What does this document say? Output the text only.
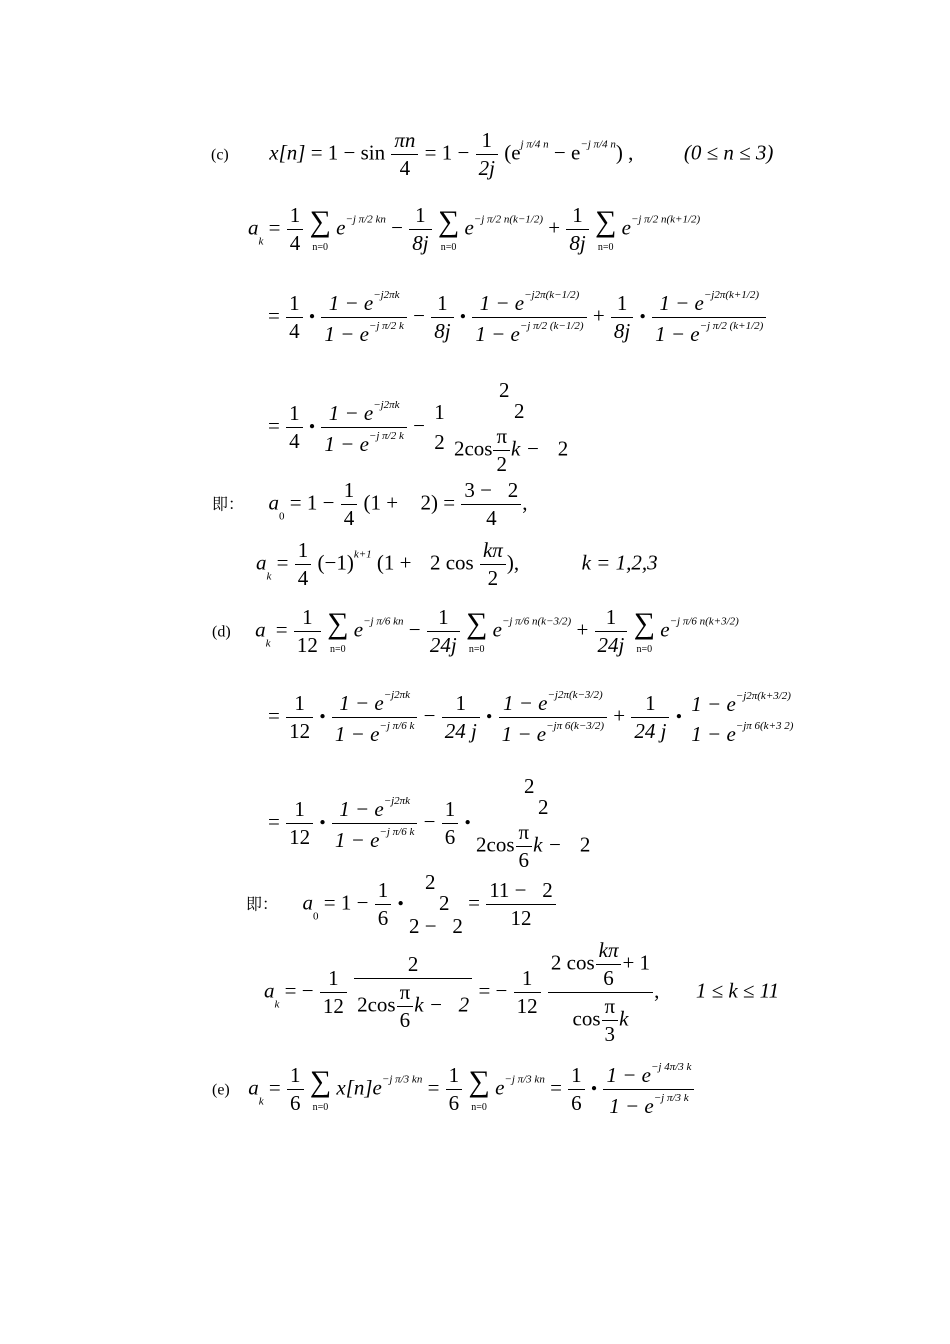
(c) $x[n] = 1 - \sin \frac{\pi n}{4} = 1 - \frac{1}{2j} (e^{j \pi/4 n} - e^{-j \pi/4 n})$ , (0 ≤ n ≤ 3)
$a_k = \frac{1}{4}$
∑
n=0
$e^{-j \pi/2 kn} - \frac{1}{8j}$
∑
n=0
$e^{-j \pi/2 n(k-1/2)} + \frac{1}{8j}$
∑
n=0
$e^{-j \pi/2 n(k+1/2)}$
= $\frac{1}{4}$ • $\frac{1 - e^{-j2\pi k}}{1 - e^{-j \pi/2 k}} - \frac{1}{8j}$ • $\frac{1 - e^{-j2\pi(k-1/2)}}{1 - e^{-j \pi/2 (k-1/2)}} + \frac{1}{8j}$ • $\frac{1 - e^{-j2\pi(k+1/2)}}{1 - e^{-j \pi/2 (k+1/2)}}$
= $\frac{1}{4}$ • $\frac{1 - e^{-j2\pi k}}{1 - e^{-j \pi/2 k}}$ −
1
2

2
2
$2\cos \frac{\pi}{2}$ k − 2
即： $a_0 = 1 - \frac{1}{4} (1 + 2) = \frac{3 - 2}{4}$ ,
$a_k = \frac{1}{4} (-1)^{k+1}$ (1 + 2 $\cos \frac{k\pi}{2}$ ),	k = 1,2,3
(d) $a_k = \frac{1}{12}$
∑
n=0
$e^{-j \pi/6 kn} - \frac{1}{24j}$
∑
n=0
$e^{-j \pi/6 n(k-3/2)} + \frac{1}{24j}$
∑
n=0
$e^{-j \pi/6 n(k+3/2)}$
= $\frac{1}{12}$ • $\frac{1 - e^{-j2\pi k}}{1 - e^{-j \pi/6 k}} - \frac{1}{24 j}$ • $\frac{1 - e^{-j2\pi(k-3/2)}}{1 - e^{-j\pi 6(k-3/2)}} + \frac{1}{24 j}$ •
$1 - e^{-j2\pi(k+3/2)}$
$1 - e^{-j\pi 6(k+3 2)}$
= $\frac{1}{12}$ • $\frac{1 - e^{-j2\pi k}}{1 - e^{-j \pi/6 k}} - \frac{1}{6}$ •
2
2
$2\cos \frac{\pi}{6}$ k − 2
即： $a_0 = 1 - \frac{1}{6}$ •
2
2
2 −   2
= $\frac{11 - 2}{12}$
$a_k$ = − $\frac{1}{12}$
$\frac{2}{2\cos \frac{\pi}{6} k - 2}$ = − $\frac{1}{12}$
$\frac{2 \cos \frac{k\pi}{6} + 1}{\cos \frac{\pi}{3} k}$ , 1 ≤ k ≤ 11
(e) $a_k = \frac{1}{6}$
∑
n=0
$x[n]e^{-j \pi/3 kn} = \frac{1}{6}$
∑
n=0
$e^{-j \pi/3 kn} = \frac{1}{6}$ • $\frac{1 - e^{-j 4\pi/3 k}}{1 - e^{-j \pi/3 k}}$
